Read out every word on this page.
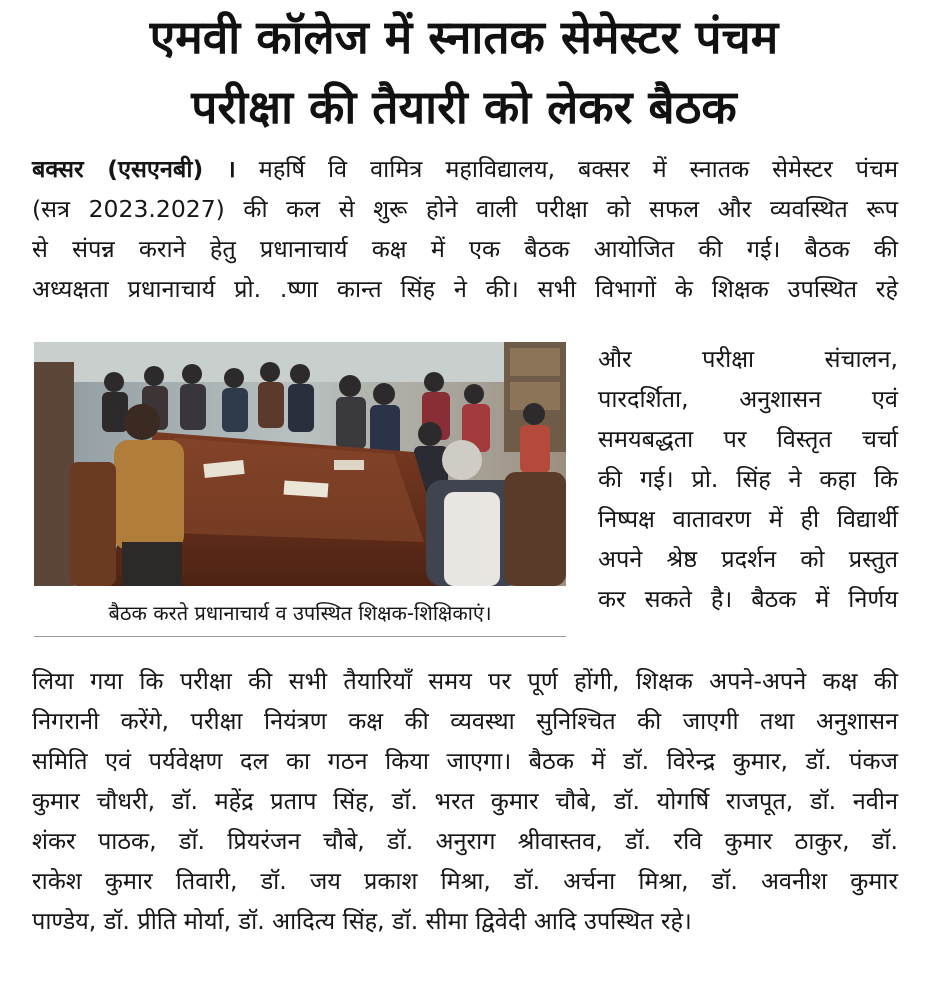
एमवी कॉलेज में स्नातक सेमेस्टर पंचम
परीक्षा की तैयारी को लेकर बैठक
बक्सर (एसएनबी) । महर्षि वि वामित्र महाविद्यालय, बक्सर में स्नातक सेमेस्टर पंचम
(सत्र 2023.2027) की कल से शुरू होने वाली परीक्षा को सफल और व्यवस्थित रूप
से संपन्न कराने हेतु प्रधानाचार्य कक्ष में एक बैठक आयोजित की गई। बैठक की
अध्यक्षता प्रधानाचार्य प्रो. .ष्णा कान्त सिंह ने की। सभी विभागों के शिक्षक उपस्थित रहे
बैठक करते प्रधानाचार्य व उपस्थित शिक्षक-शिक्षिकाएं।
और परीक्षा संचालन,
पारदर्शिता, अनुशासन एवं
समयबद्धता पर विस्तृत चर्चा
की गई। प्रो. सिंह ने कहा कि
निष्पक्ष वातावरण में ही विद्यार्थी
अपने श्रेष्ठ प्रदर्शन को प्रस्तुत
कर सकते है। बैठक में निर्णय
लिया गया कि परीक्षा की सभी तैयारियाँ समय पर पूर्ण होंगी, शिक्षक अपने-अपने कक्ष की
निगरानी करेंगे, परीक्षा नियंत्रण कक्ष की व्यवस्था सुनिश्चित की जाएगी तथा अनुशासन
समिति एवं पर्यवेक्षण दल का गठन किया जाएगा। बैठक में डॉ. विरेन्द्र कुमार, डॉ. पंकज
कुमार चौधरी, डॉ. महेंद्र प्रताप सिंह, डॉ. भरत कुमार चौबे, डॉ. योगर्षि राजपूत, डॉ. नवीन
शंकर पाठक, डॉ. प्रियरंजन चौबे, डॉ. अनुराग श्रीवास्तव, डॉ. रवि कुमार ठाकुर, डॉ.
राकेश कुमार तिवारी, डॉ. जय प्रकाश मिश्रा, डॉ. अर्चना मिश्रा, डॉ. अवनीश कुमार
पाण्डेय, डॉ. प्रीति मोर्या, डॉ. आदित्य सिंह, डॉ. सीमा द्विवेदी आदि उपस्थित रहे।
